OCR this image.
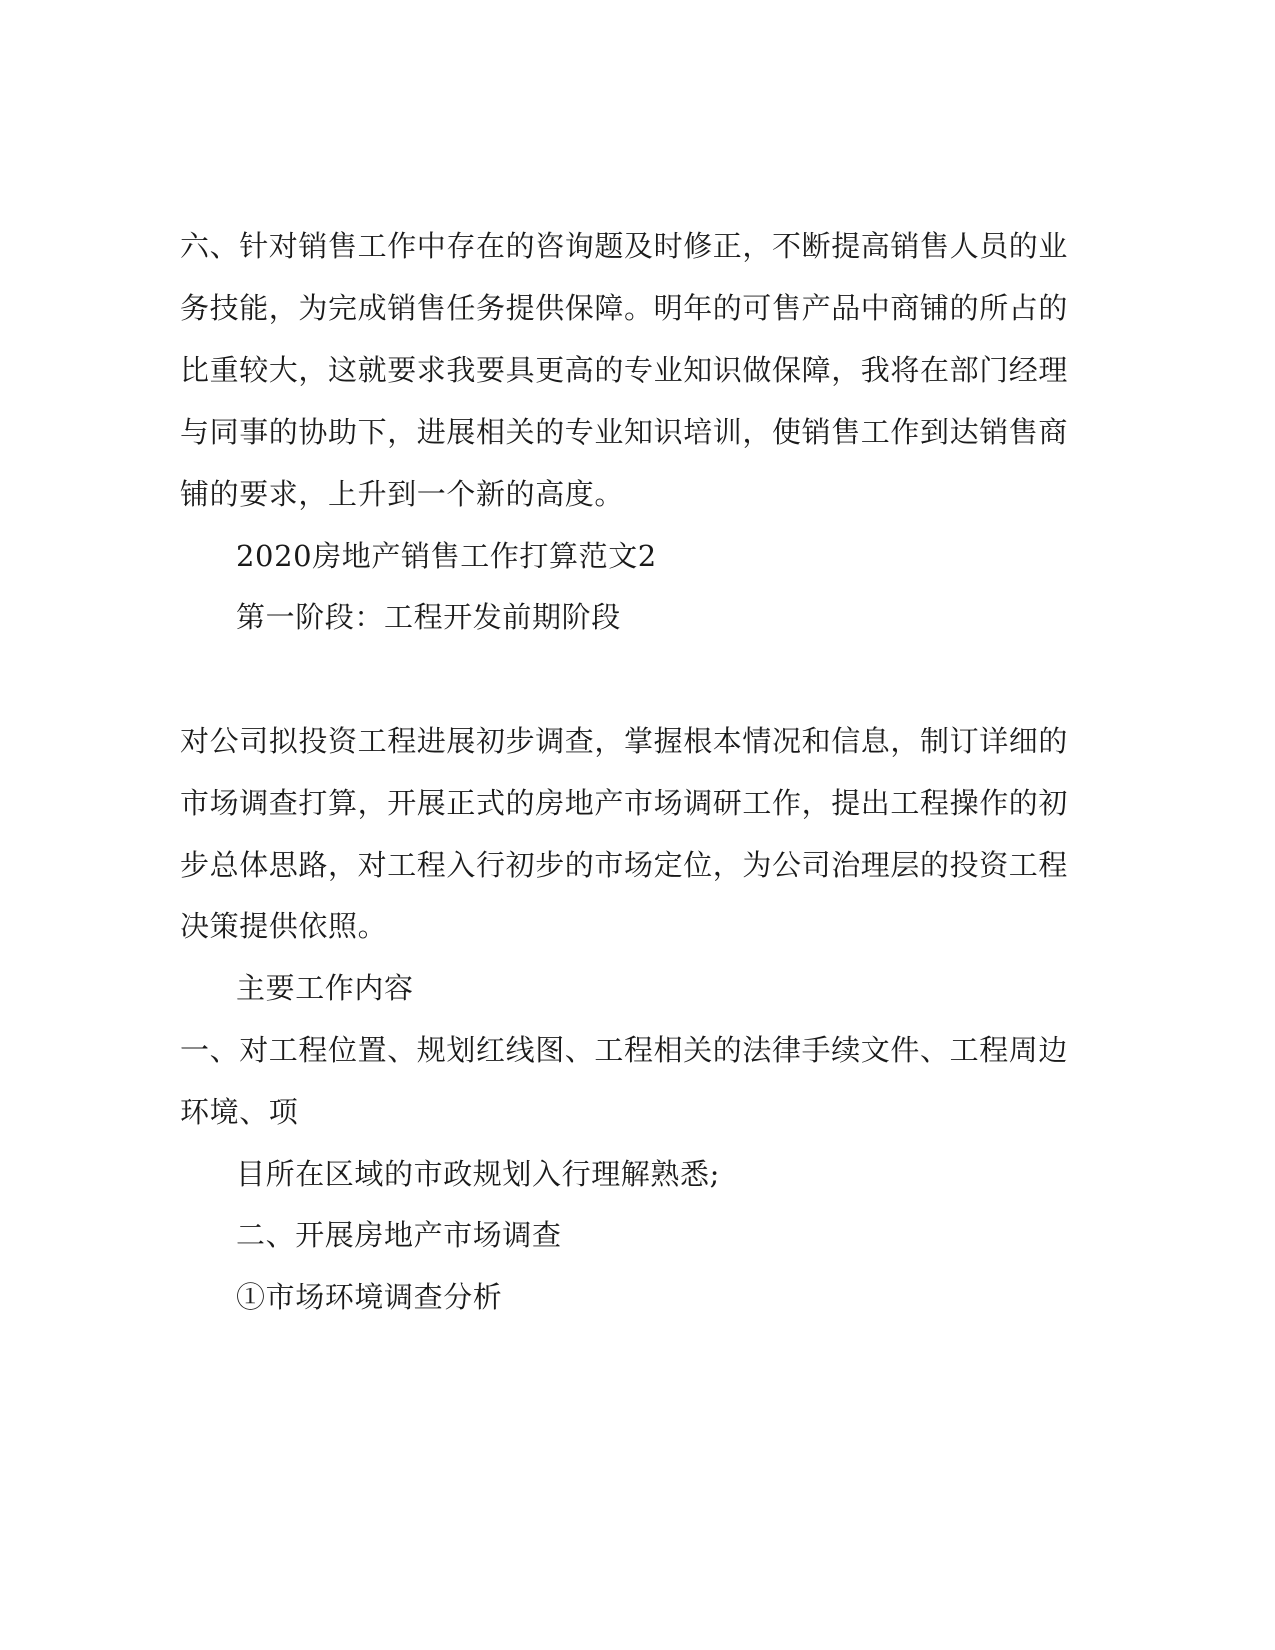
六、针对销售工作中存在的咨询题及时修正，不断提高销售人员的业
务技能，为完成销售任务提供保障。明年的可售产品中商铺的所占的
比重较大，这就要求我要具更高的专业知识做保障，我将在部门经理
与同事的协助下，进展相关的专业知识培训，使销售工作到达销售商
铺的要求，上升到一个新的高度。
2020房地产销售工作打算范文2
第一阶段：工程开发前期阶段
对公司拟投资工程进展初步调查，掌握根本情况和信息，制订详细的
市场调查打算，开展正式的房地产市场调研工作，提出工程操作的初
步总体思路，对工程入行初步的市场定位，为公司治理层的投资工程
决策提供依照。
主要工作内容
一、对工程位置、规划红线图、工程相关的法律手续文件、工程周边
环境、项
目所在区域的市政规划入行理解熟悉;
二、开展房地产市场调查
①市场环境调查分析
